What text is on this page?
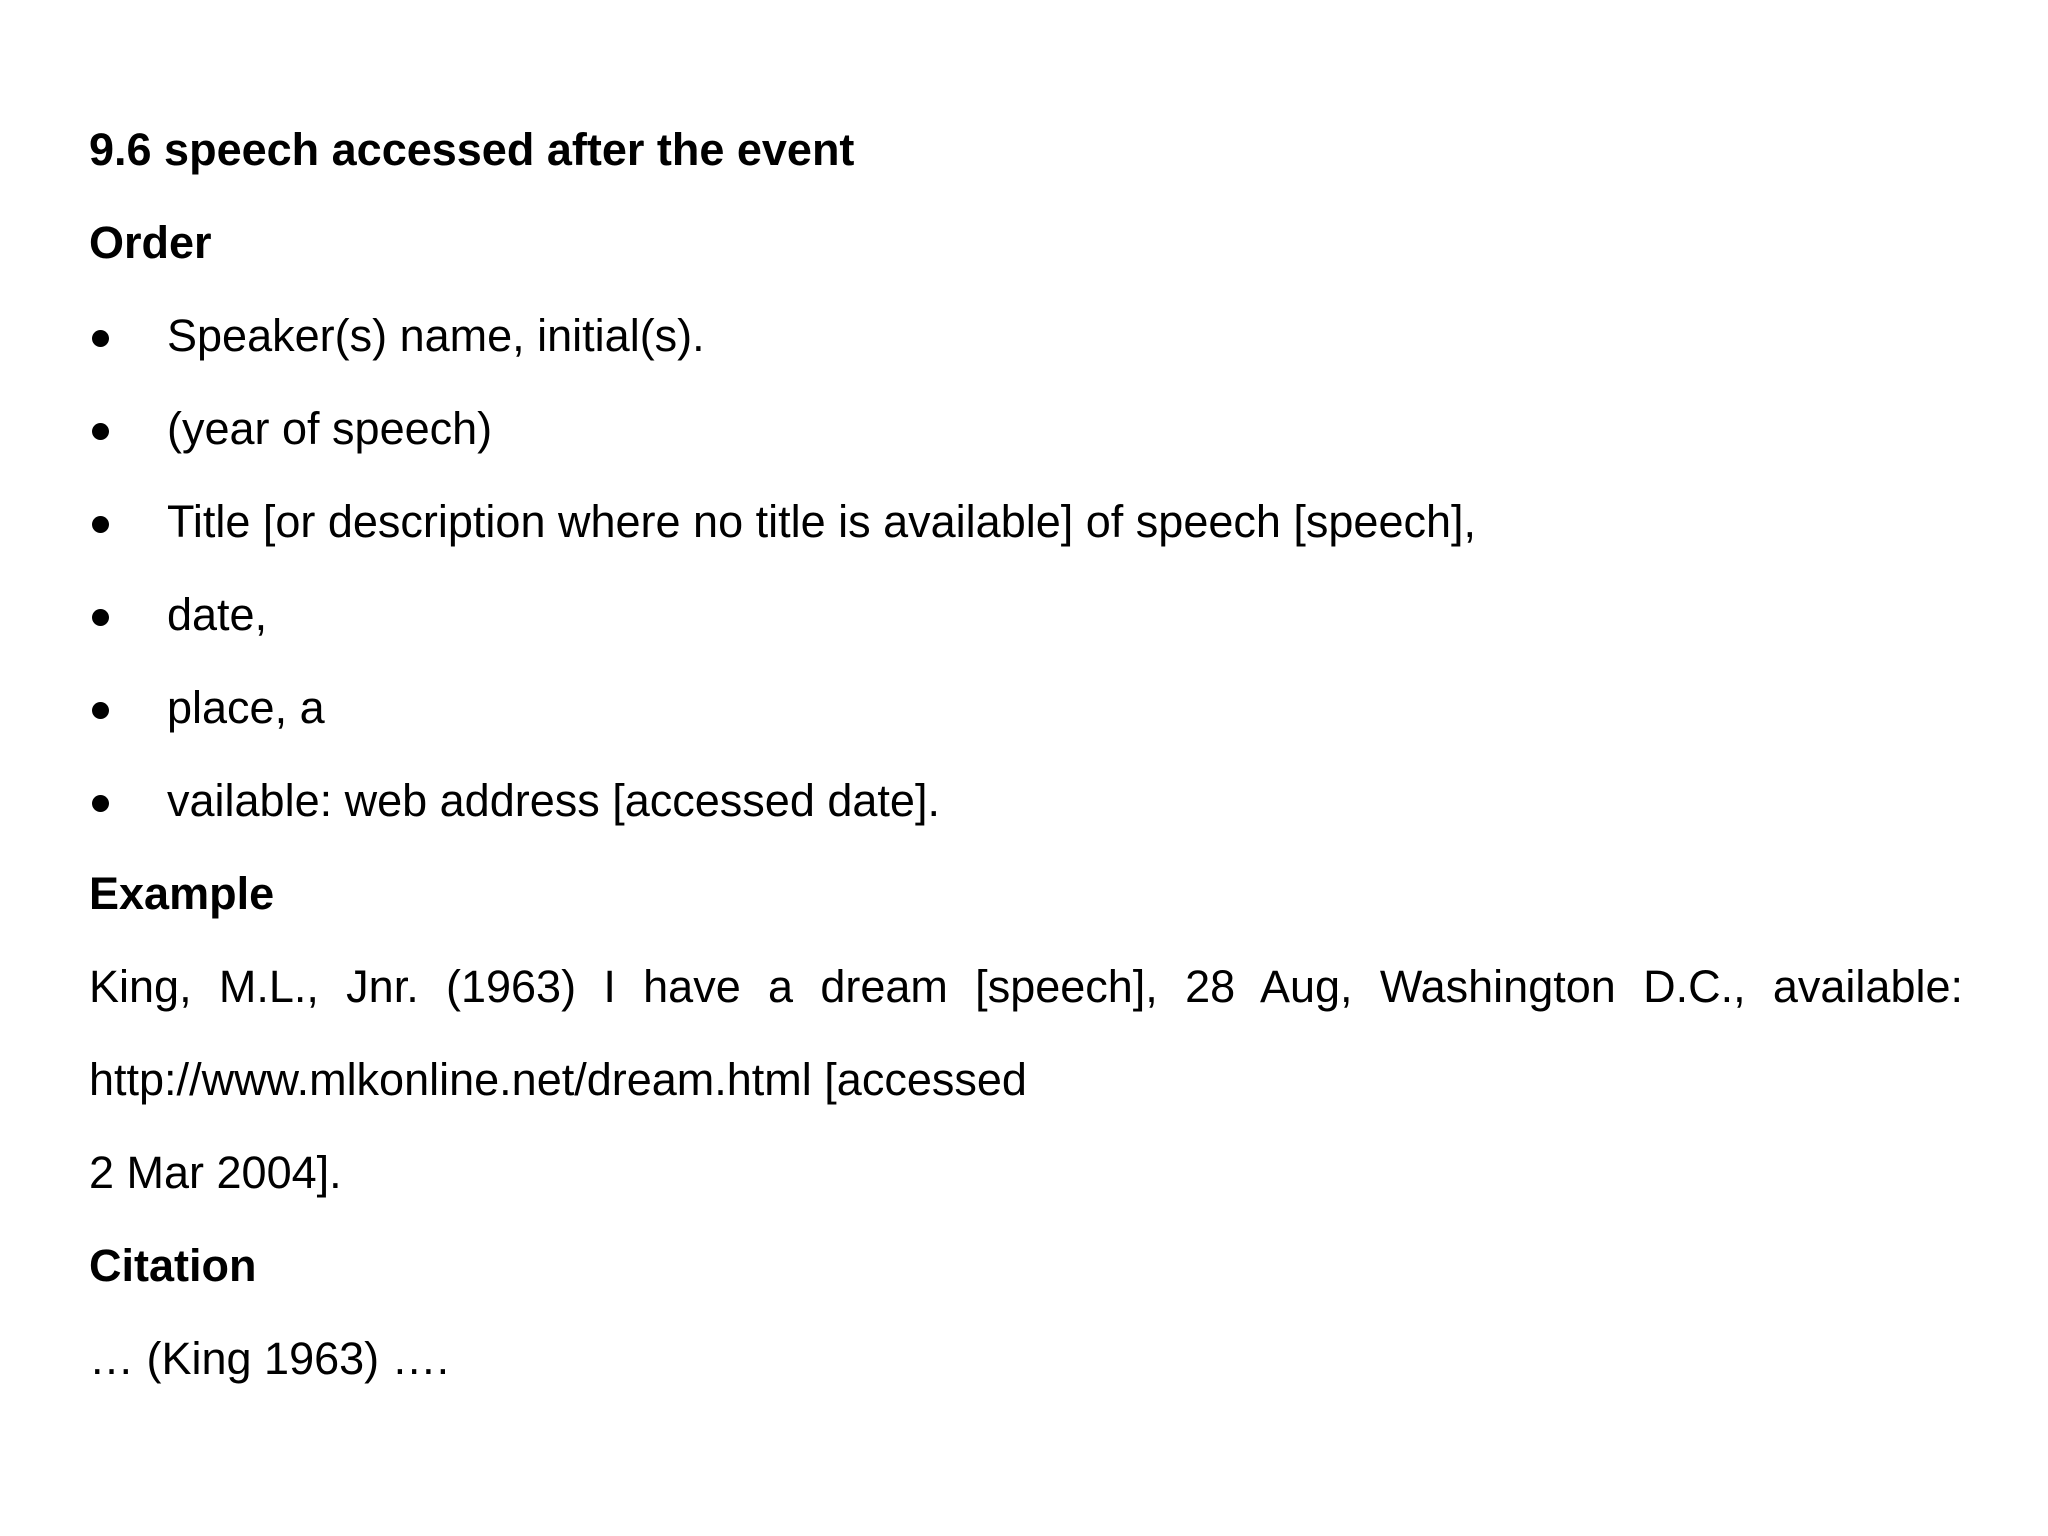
9.6 speech accessed after the event
Order
Speaker(s) name, initial(s).
(year of speech)
Title [or description where no title is available] of speech [speech],
date,
place, a
vailable: web address [accessed date].
Example
King, M.L., Jnr. (1963) I have a dream [speech], 28 Aug, Washington D.C., available:
http://www.mlkonline.net/dream.html [accessed
2 Mar 2004].
Citation
… (King 1963) ….
